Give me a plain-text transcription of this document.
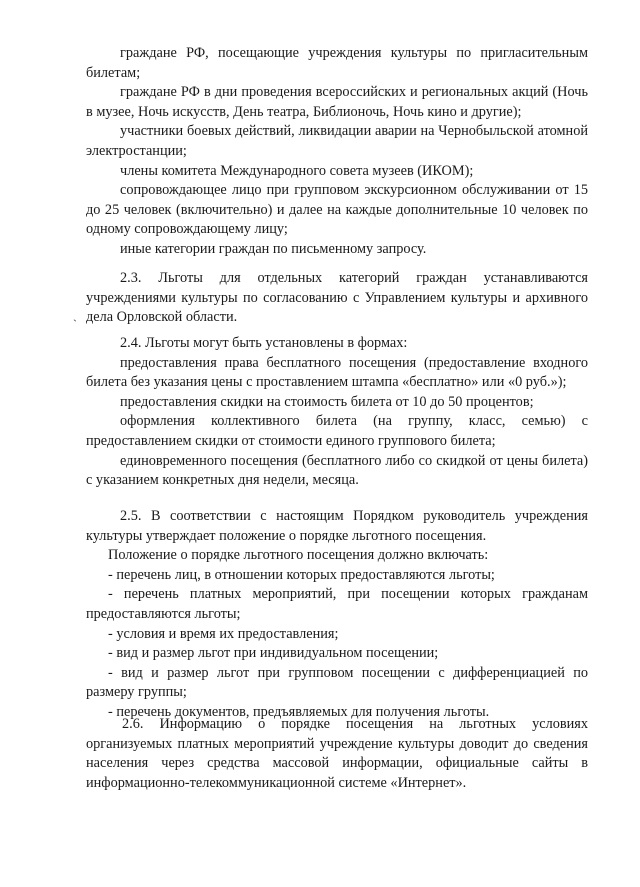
граждане РФ, посещающие учреждения культуры по пригласительным билетам;

граждане РФ в дни проведения всероссийских и региональных акций (Ночь в музее, Ночь искусств, День театра, Библионочь, Ночь кино и другие);

участники боевых действий, ликвидации аварии на Чернобыльской атомной электростанции;

члены комитета Международного совета музеев (ИКОМ);

сопровождающее лицо при групповом экскурсионном обслуживании от 15 до 25 человек (включительно) и далее на каждые дополнительные 10 человек по одному сопровождающему лицу;

иные категории граждан по письменному запросу.

2.3. Льготы для отдельных категорий граждан устанавливаются учреждениями культуры по согласованию с Управлением культуры и архивного дела Орловской области.

ˏ

2.4. Льготы могут быть установлены в формах:

предоставления права бесплатного посещения (предоставление входного билета без указания цены с проставлением штампа «бесплатно» или «0 руб.»);

предоставления скидки на стоимость билета от 10 до 50 процентов;

оформления коллективного билета (на группу, класс, семью) с предоставлением скидки от стоимости единого группового билета;

единовременного посещения (бесплатного либо со скидкой от цены билета) с указанием конкретных дня недели, месяца.

2.5. В соответствии с настоящим Порядком руководитель учреждения культуры утверждает положение о порядке льготного посещения.

Положение о порядке льготного посещения должно включать:

- перечень лиц, в отношении которых предоставляются льготы;

- перечень платных мероприятий, при посещении которых гражданам предоставляются льготы;

- условия и время их предоставления;

- вид и размер льгот при индивидуальном посещении;

- вид и размер льгот при групповом посещении с дифференциацией по размеру группы;

- перечень документов, предъявляемых для получения льготы.

2.6. Информацию о порядке посещения на льготных условиях организуемых платных мероприятий учреждение культуры доводит до сведения населения через средства массовой информации, официальные сайты в информационно-телекоммуникационной системе «Интернет».
